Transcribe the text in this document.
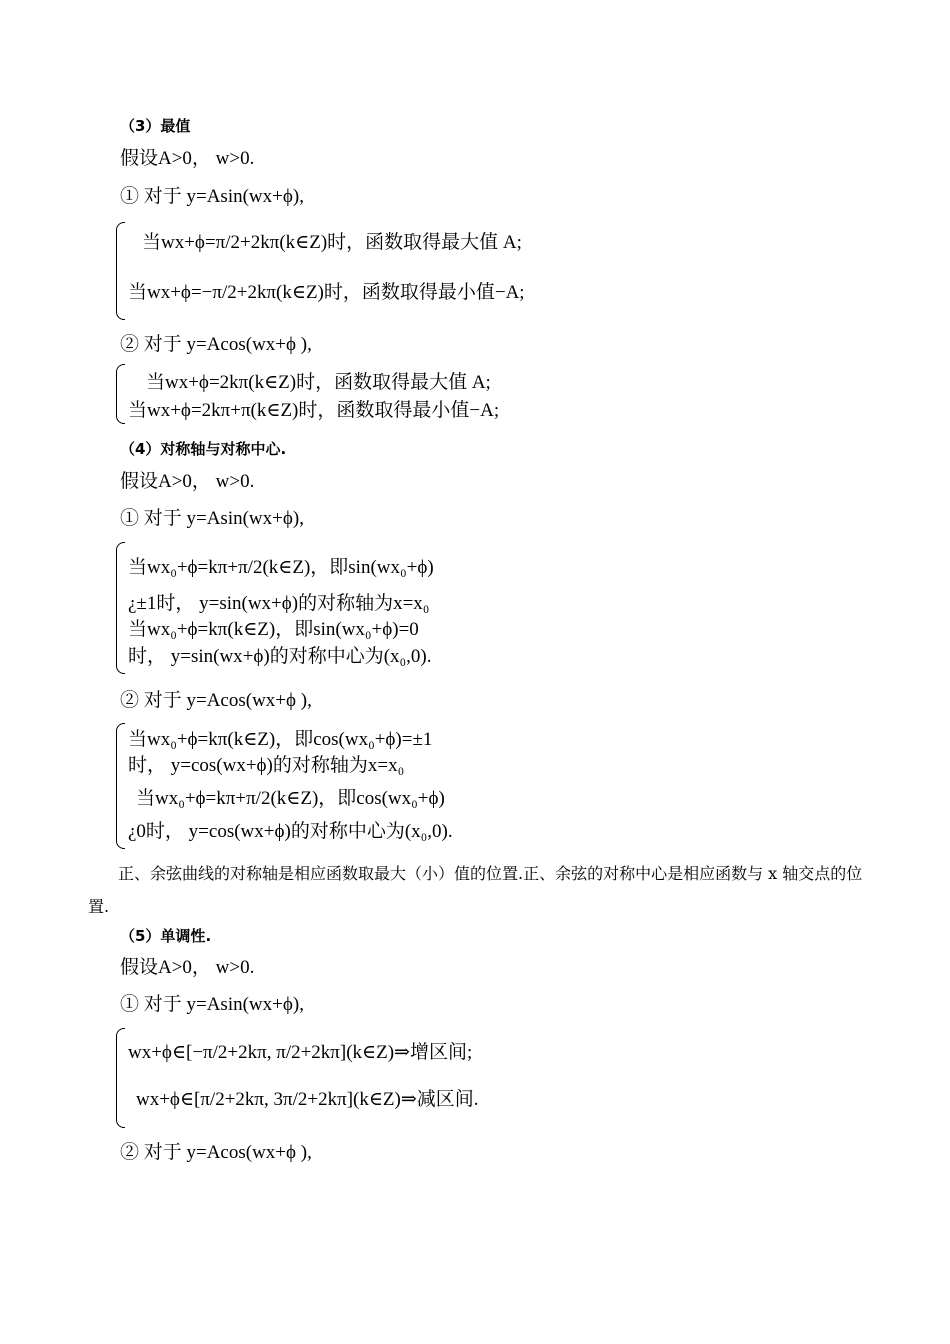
（3）最值
假设A>0， w>0.
① 对于 y=Asin(wx+ϕ),
当wx+ϕ=π/2+2kπ(k∈Z)时，函数取得最大值 A;
当wx+ϕ=−π/2+2kπ(k∈Z)时，函数取得最小值−A;
② 对于 y=Acos(wx+ϕ ),
当wx+ϕ=2kπ(k∈Z)时，函数取得最大值 A;
当wx+ϕ=2kπ+π(k∈Z)时，函数取得最小值−A;
（4）对称轴与对称中心.
假设A>0， w>0.
① 对于 y=Asin(wx+ϕ),
当wx₀+ϕ=kπ+π/2(k∈Z)，即sin(wx₀+ϕ)
¿±1时， y=sin(wx+ϕ)的对称轴为x=x₀
当wx₀+ϕ=kπ(k∈Z)，即sin(wx₀+ϕ)=0
时， y=sin(wx+ϕ)的对称中心为(x₀,0).
② 对于 y=Acos(wx+ϕ ),
当wx₀+ϕ=kπ(k∈Z)，即cos(wx₀+ϕ)=±1
时， y=cos(wx+ϕ)的对称轴为x=x₀
当wx₀+ϕ=kπ+π/2(k∈Z)，即cos(wx₀+ϕ)
¿0时， y=cos(wx+ϕ)的对称中心为(x₀,0).
正、余弦曲线的对称轴是相应函数取最大（小）值的位置.正、余弦的对称中心是相应函数与 x 轴交点的位置.
（5）单调性.
假设A>0， w>0.
① 对于 y=Asin(wx+ϕ),
wx+ϕ∈[−π/2+2kπ, π/2+2kπ](k∈Z)⇒增区间;
wx+ϕ∈[π/2+2kπ, 3π/2+2kπ](k∈Z)⇒减区间.
② 对于 y=Acos(wx+ϕ ),
